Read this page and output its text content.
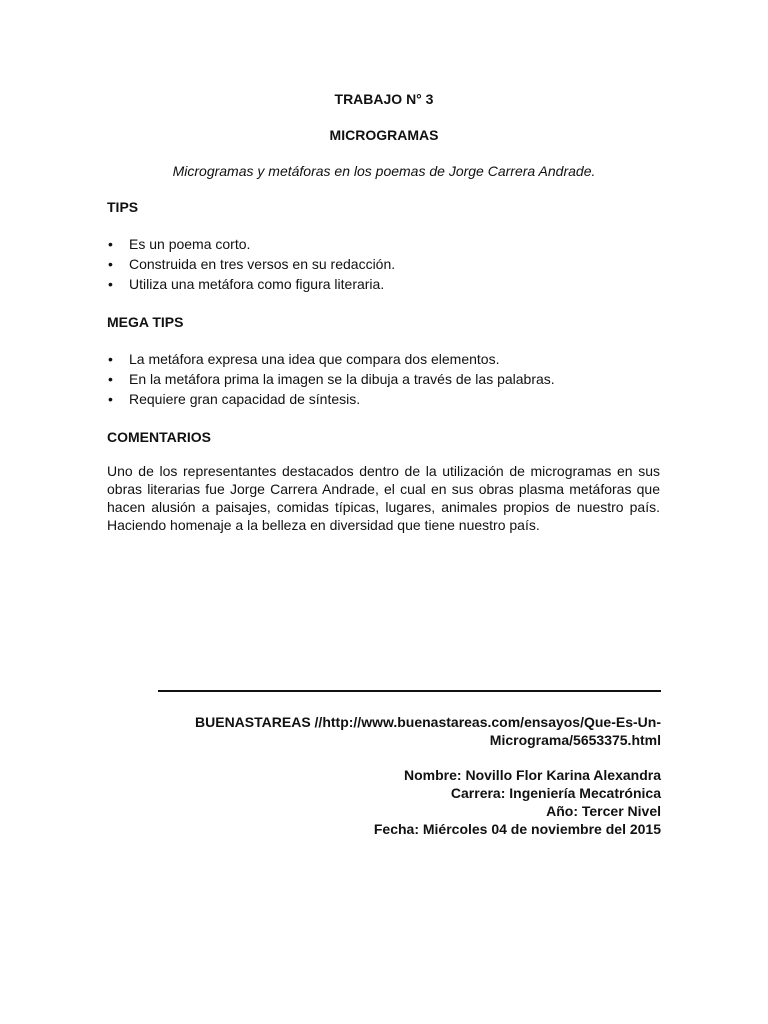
TRABAJO N° 3
MICROGRAMAS
Microgramas y metáforas en los poemas de Jorge Carrera Andrade.
TIPS
• Es un poema corto.
• Construida en tres versos en su redacción.
• Utiliza una metáfora como figura literaria.
MEGA TIPS
• La metáfora expresa una idea que compara dos elementos.
• En la metáfora prima la imagen se la dibuja a través de las palabras.
• Requiere gran capacidad de síntesis.
COMENTARIOS
Uno de los representantes destacados dentro de la utilización de microgramas en sus obras literarias fue Jorge Carrera Andrade, el cual en sus obras plasma metáforas que hacen alusión a paisajes, comidas típicas, lugares, animales propios de nuestro país. Haciendo homenaje a la belleza en diversidad que tiene nuestro país.
BUENASTAREAS //http://www.buenastareas.com/ensayos/Que-Es-Un-
Micrograma/5653375.html
Nombre: Novillo Flor Karina Alexandra
Carrera: Ingeniería Mecatrónica
Año: Tercer Nivel
Fecha: Miércoles 04 de noviembre del 2015
